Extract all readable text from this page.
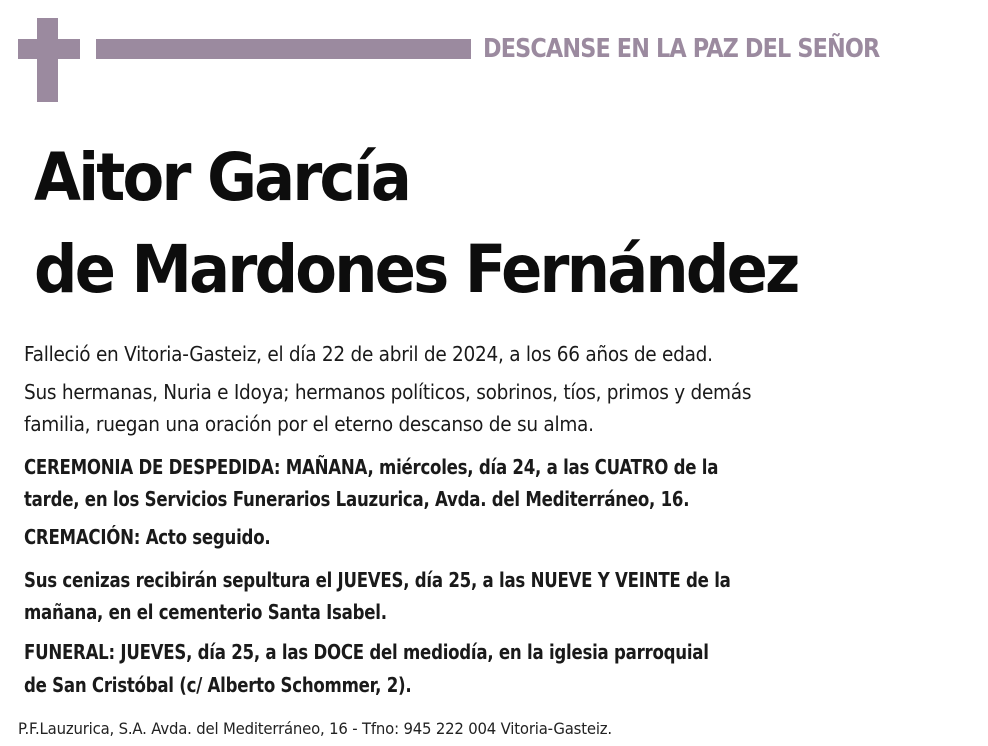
DESCANSE EN LA PAZ DEL SEÑOR
Aitor García
de Mardones Fernández

Falleció en Vitoria-Gasteiz, el día 22 de abril de 2024, a los 66 años de edad.

Sus hermanas, Nuria e Idoya; hermanos políticos, sobrinos, tíos, primos y demás
familia, ruegan una oración por el eterno descanso de su alma.

CEREMONIA DE DESPEDIDA: MAÑANA, miércoles, día 24, a las CUATRO de la
tarde, en los Servicios Funerarios Lauzurica, Avda. del Mediterráneo, 16.

CREMACIÓN: Acto seguido.

Sus cenizas recibirán sepultura el JUEVES, día 25, a las NUEVE Y VEINTE de la
mañana, en el cementerio Santa Isabel.

FUNERAL: JUEVES, día 25, a las DOCE del mediodía, en la iglesia parroquial
de San Cristóbal (c/ Alberto Schommer, 2).

P.F.Lauzurica, S.A. Avda. del Mediterráneo, 16 - Tfno: 945 222 004 Vitoria-Gasteiz.
